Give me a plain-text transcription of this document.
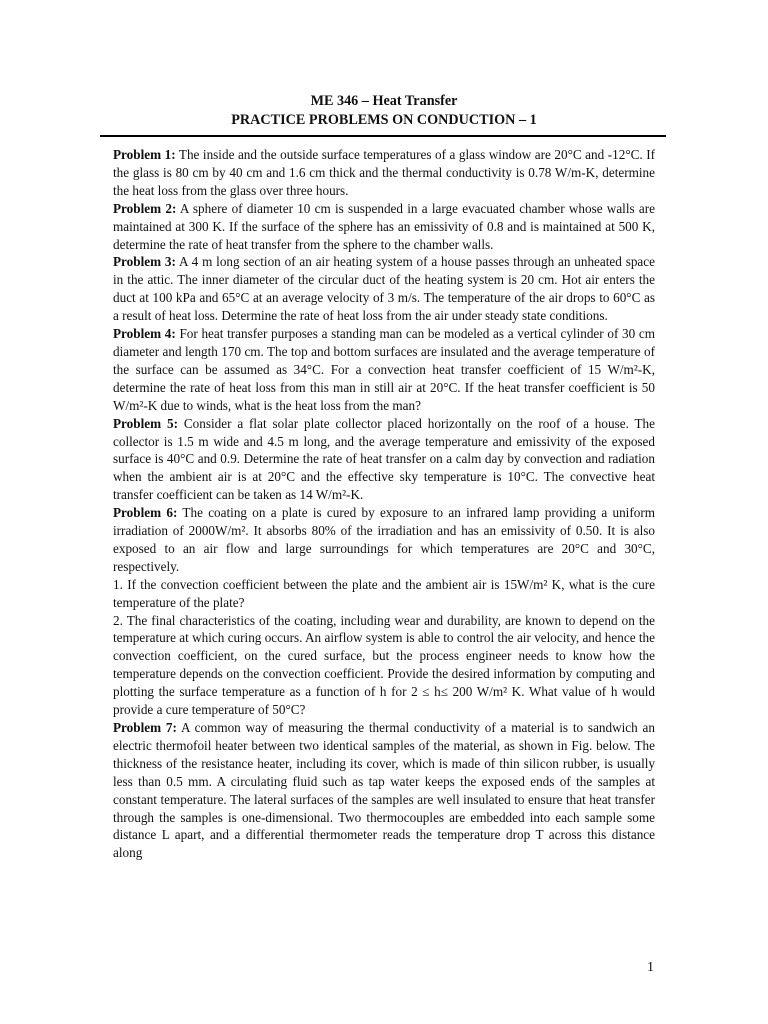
ME 346 – Heat Transfer
PRACTICE PROBLEMS ON CONDUCTION – 1

Problem 1: The inside and the outside surface temperatures of a glass window are 20°C and -12°C. If the glass is 80 cm by 40 cm and 1.6 cm thick and the thermal conductivity is 0.78 W/m-K, determine the heat loss from the glass over three hours.

Problem 2: A sphere of diameter 10 cm is suspended in a large evacuated chamber whose walls are maintained at 300 K. If the surface of the sphere has an emissivity of 0.8 and is maintained at 500 K, determine the rate of heat transfer from the sphere to the chamber walls.

Problem 3: A 4 m long section of an air heating system of a house passes through an unheated space in the attic. The inner diameter of the circular duct of the heating system is 20 cm. Hot air enters the duct at 100 kPa and 65°C at an average velocity of 3 m/s. The temperature of the air drops to 60°C as a result of heat loss. Determine the rate of heat loss from the air under steady state conditions.

Problem 4: For heat transfer purposes a standing man can be modeled as a vertical cylinder of 30 cm diameter and length 170 cm. The top and bottom surfaces are insulated and the average temperature of the surface can be assumed as 34°C. For a convection heat transfer coefficient of 15 W/m²-K, determine the rate of heat loss from this man in still air at 20°C. If the heat transfer coefficient is 50 W/m²-K due to winds, what is the heat loss from the man?

Problem 5: Consider a flat solar plate collector placed horizontally on the roof of a house. The collector is 1.5 m wide and 4.5 m long, and the average temperature and emissivity of the exposed surface is 40°C and 0.9. Determine the rate of heat transfer on a calm day by convection and radiation when the ambient air is at 20°C and the effective sky temperature is 10°C. The convective heat transfer coefficient can be taken as 14 W/m²-K.

Problem 6: The coating on a plate is cured by exposure to an infrared lamp providing a uniform irradiation of 2000W/m². It absorbs 80% of the irradiation and has an emissivity of 0.50. It is also exposed to an air flow and large surroundings for which temperatures are 20°C and 30°C, respectively.

1. If the convection coefficient between the plate and the ambient air is 15W/m² K, what is the cure temperature of the plate?

2. The final characteristics of the coating, including wear and durability, are known to depend on the temperature at which curing occurs. An airflow system is able to control the air velocity, and hence the convection coefficient, on the cured surface, but the process engineer needs to know how the temperature depends on the convection coefficient. Provide the desired information by computing and plotting the surface temperature as a function of h for 2 ≤ h≤ 200 W/m² K. What value of h would provide a cure temperature of 50°C?

Problem 7: A common way of measuring the thermal conductivity of a material is to sandwich an electric thermofoil heater between two identical samples of the material, as shown in Fig. below. The thickness of the resistance heater, including its cover, which is made of thin silicon rubber, is usually less than 0.5 mm. A circulating fluid such as tap water keeps the exposed ends of the samples at constant temperature. The lateral surfaces of the samples are well insulated to ensure that heat transfer through the samples is one-dimensional. Two thermocouples are embedded into each sample some distance L apart, and a differential thermometer reads the temperature drop T across this distance along

1
